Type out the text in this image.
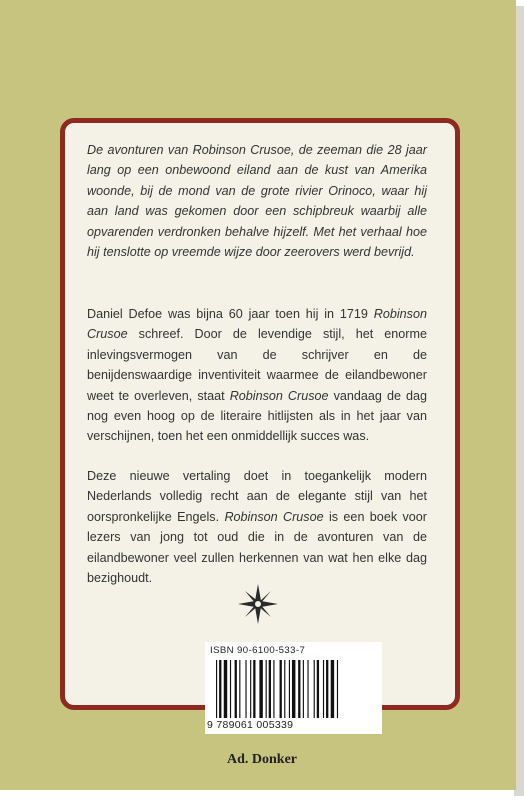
De avonturen van Robinson Crusoe, de zeeman die 28 jaar lang op een onbewoond eiland aan de kust van Amerika woonde, bij de mond van de grote rivier Orinoco, waar hij aan land was gekomen door een schipbreuk waarbij alle opvarenden verdronken behalve hijzelf. Met het verhaal hoe hij tenslotte op vreemde wijze door zeerovers werd bevrijd.
Daniel Defoe was bijna 60 jaar toen hij in 1719 Robinson Crusoe schreef. Door de levendige stijl, het enorme inlevingsvermogen van de schrijver en de benijdenswaardige inventiviteit waarmee de eilandbewoner weet te overleven, staat Robinson Crusoe vandaag de dag nog even hoog op de literaire hitlijsten als in het jaar van verschijnen, toen het een onmiddellijk succes was.
Deze nieuwe vertaling doet in toegankelijk modern Nederlands volledig recht aan de elegante stijl van het oorspronkelijke Engels. Robinson Crusoe is een boek voor lezers van jong tot oud die in de avonturen van de eilandbewoner veel zullen herkennen van wat hen elke dag bezighoudt.
ISBN 90-6100-533-7
9 789061 005339
Ad. Donker
